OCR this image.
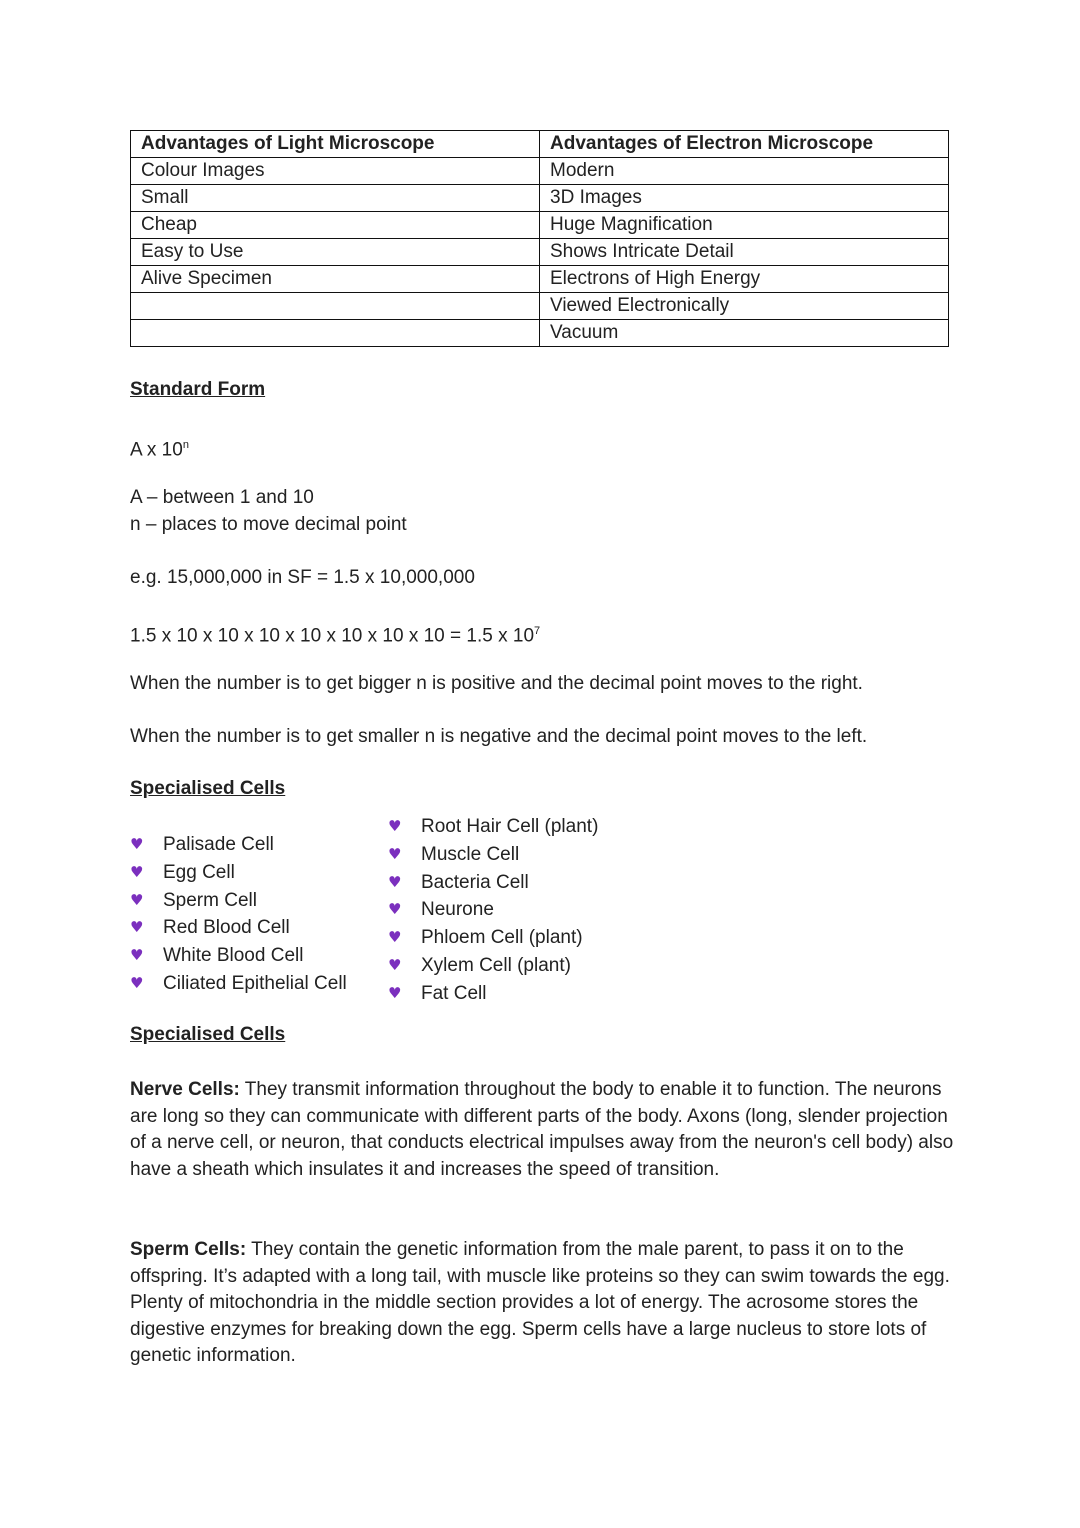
Advantages of Light Microscope	Advantages of Electron Microscope
Colour Images	Modern
Small	3D Images
Cheap	Huge Magnification
Easy to Use	Shows Intricate Detail
Alive Specimen	Electrons of High Energy
	Viewed Electronically
	Vacuum
Standard Form
A x 10$^n$
A – between 1 and 10
n – places to move decimal point
e.g. 15,000,000 in SF = 1.5 x 10,000,000
1.5 x 10 x 10 x 10 x 10 x 10 x 10 x 10 = 1.5 x $10^7$
When the number is to get bigger n is positive and the decimal point moves to the right.
When the number is to get smaller n is negative and the decimal point moves to the left.
Specialised Cells
♥ Palisade Cell
♥ Egg Cell
♥ Sperm Cell
♥ Red Blood Cell
♥ White Blood Cell
♥ Ciliated Epithelial Cell
♥ Root Hair Cell (plant)
♥ Muscle Cell
♥ Bacteria Cell
♥ Neurone
♥ Phloem Cell (plant)
♥ Xylem Cell (plant)
♥ Fat Cell
Specialised Cells
Nerve Cells: They transmit information throughout the body to enable it to function. The neurons are long so they can communicate with different parts of the body. Axons (long, slender projection of a nerve cell, or neuron, that conducts electrical impulses away from the neuron's cell body) also have a sheath which insulates it and increases the speed of transition.
Sperm Cells: They contain the genetic information from the male parent, to pass it on to the offspring. It’s adapted with a long tail, with muscle like proteins so they can swim towards the egg. Plenty of mitochondria in the middle section provides a lot of energy. The acrosome stores the digestive enzymes for breaking down the egg. Sperm cells have a large nucleus to store lots of genetic information.
